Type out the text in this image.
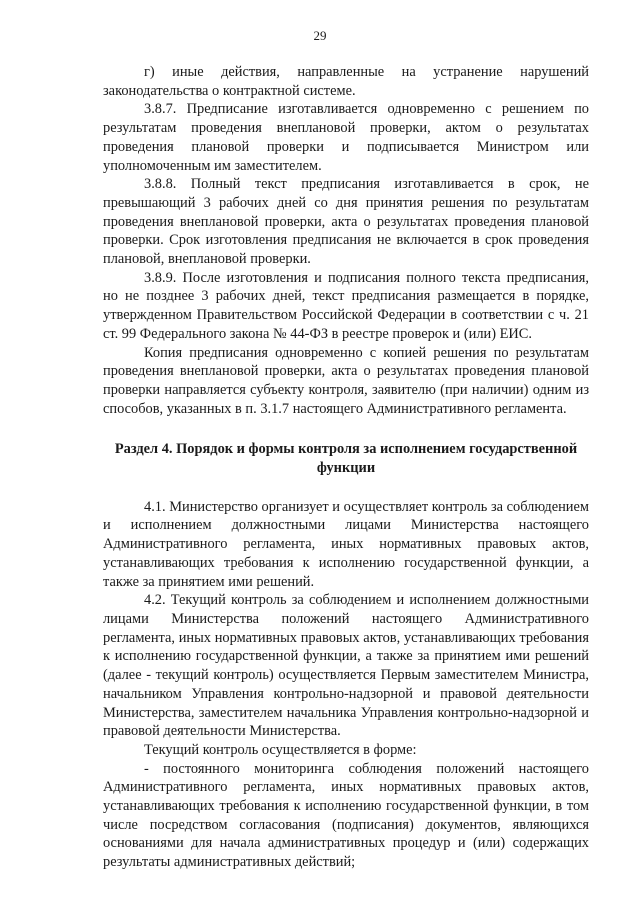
29

г) иные действия, направленные на устранение нарушений законодательства о контрактной системе.

3.8.7. Предписание изготавливается одновременно с решением по результатам проведения внеплановой проверки, актом о результатах проведения плановой проверки и подписывается Министром или уполномоченным им заместителем.

3.8.8. Полный текст предписания изготавливается в срок, не превышающий 3 рабочих дней со дня принятия решения по результатам проведения внеплановой проверки, акта о результатах проведения плановой проверки. Срок изготовления предписания не включается в срок проведения плановой, внеплановой проверки.

3.8.9. После изготовления и подписания полного текста предписания, но не позднее 3 рабочих дней, текст предписания размещается в порядке, утвержденном Правительством Российской Федерации в соответствии с ч. 21 ст. 99 Федерального закона № 44-ФЗ в реестре проверок и (или) ЕИС.

Копия предписания одновременно с копией решения по результатам проведения внеплановой проверки, акта о результатах проведения плановой проверки направляется субъекту контроля, заявителю (при наличии) одним из способов, указанных в п. 3.1.7 настоящего Административного регламента.

Раздел 4. Порядок и формы контроля за исполнением государственной функции

4.1. Министерство организует и осуществляет контроль за соблюдением и исполнением должностными лицами Министерства настоящего Административного регламента, иных нормативных правовых актов, устанавливающих требования к исполнению государственной функции, а также за принятием ими решений.

4.2. Текущий контроль за соблюдением и исполнением должностными лицами Министерства положений настоящего Административного регламента, иных нормативных правовых актов, устанавливающих требования к исполнению государственной функции, а также за принятием ими решений (далее - текущий контроль) осуществляется Первым заместителем Министра, начальником Управления контрольно-надзорной и правовой деятельности Министерства, заместителем начальника Управления контрольно-надзорной и правовой деятельности Министерства.

Текущий контроль осуществляется в форме:

- постоянного мониторинга соблюдения положений настоящего Административного регламента, иных нормативных правовых актов, устанавливающих требования к исполнению государственной функции, в том числе посредством согласования (подписания) документов, являющихся основаниями для начала административных процедур и (или) содержащих результаты административных действий;
